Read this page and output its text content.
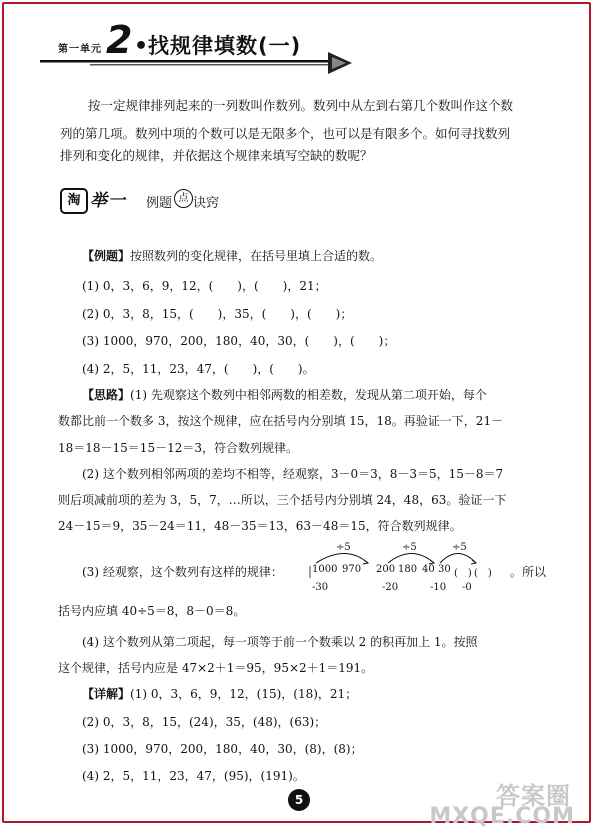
第一单元 2 • 找规律填数(一)
按一定规律排列起来的一列数叫作数列。数列中从左到右第几个数叫作这个数
列的第几项。数列中项的个数可以是无限多个，也可以是有限多个。如何寻找数列
排列和变化的规律，并依据这个规律来填写空缺的数呢？
淘 举一 例题 点 诀窍
【例题】按照数列的变化规律，在括号里填上合适的数。
(1) 0，3，6，9，12，(　　)，(　　)，21；
(2) 0，3，8，15，(　　)，35，(　　)，(　　)；
(3) 1000，970，200，180，40，30，(　　)，(　　)；
(4) 2，5，11，23，47，(　　)，(　　)。
【思路】(1) 先观察这个数列中相邻两数的相差数，发现从第二项开始，每个
数都比前一个数多 3，按这个规律，应在括号内分别填 15，18。再验证一下，21－
18＝18－15＝15－12＝3，符合数列规律。
(2) 这个数列相邻两项的差均不相等，经观察，3－0＝3，8－3＝5，15－8＝7
则后项减前项的差为 3，5，7，…所以，三个括号内分别填 24，48，63。验证一下
24－15＝9，35－24＝11，48－35＝13，63－48＝15，符合数列规律。
(3) 经观察，这个数列有这样的规律：
÷5	÷5	÷5
1000 970 200 180 40 30 (　) (　)
-30	-20	-10 -0
。所以
括号内应填 40÷5＝8，8－0＝8。
(4) 这个数列从第二项起，每一项等于前一个数乘以 2 的积再加上 1。按照
这个规律，括号内应是 47×2＋1＝95，95×2＋1＝191。
【详解】(1) 0，3，6，9，12，(15)，(18)，21；
(2) 0，3，8，15，(24)，35，(48)，(63)；
(3) 1000，970，200，180，40，30，(8)，(8)；
(4) 2，5，11，23，47，(95)，(191)。
5	答案圈
MXQE.COM
